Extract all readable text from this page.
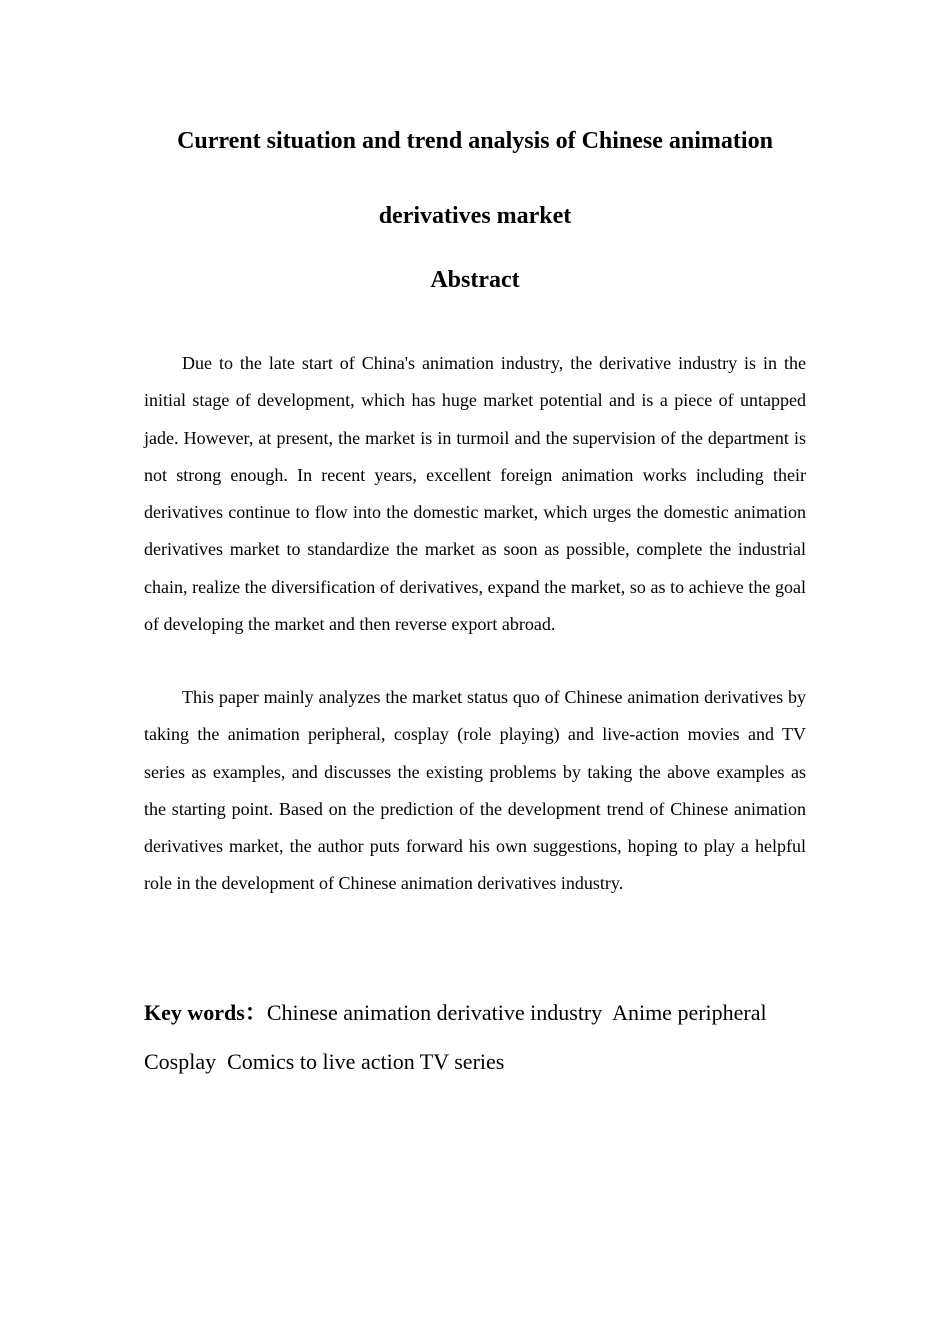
Current situation and trend analysis of Chinese animation
derivatives market
Abstract

Due to the late start of China's animation industry, the derivative industry is in the initial stage of development, which has huge market potential and is a piece of untapped jade. However, at present, the market is in turmoil and the supervision of the department is not strong enough. In recent years, excellent foreign animation works including their derivatives continue to flow into the domestic market, which urges the domestic animation derivatives market to standardize the market as soon as possible, complete the industrial chain, realize the diversification of derivatives, expand the market, so as to achieve the goal of developing the market and then reverse export abroad.

This paper mainly analyzes the market status quo of Chinese animation derivatives by taking the animation peripheral, cosplay (role playing) and live-action movies and TV series as examples, and discusses the existing problems by taking the above examples as the starting point. Based on the prediction of the development trend of Chinese animation derivatives market, the author puts forward his own suggestions, hoping to play a helpful role in the development of Chinese animation derivatives industry.

Key words：Chinese animation derivative industry Anime peripheral
Cosplay Comics to live action TV series
